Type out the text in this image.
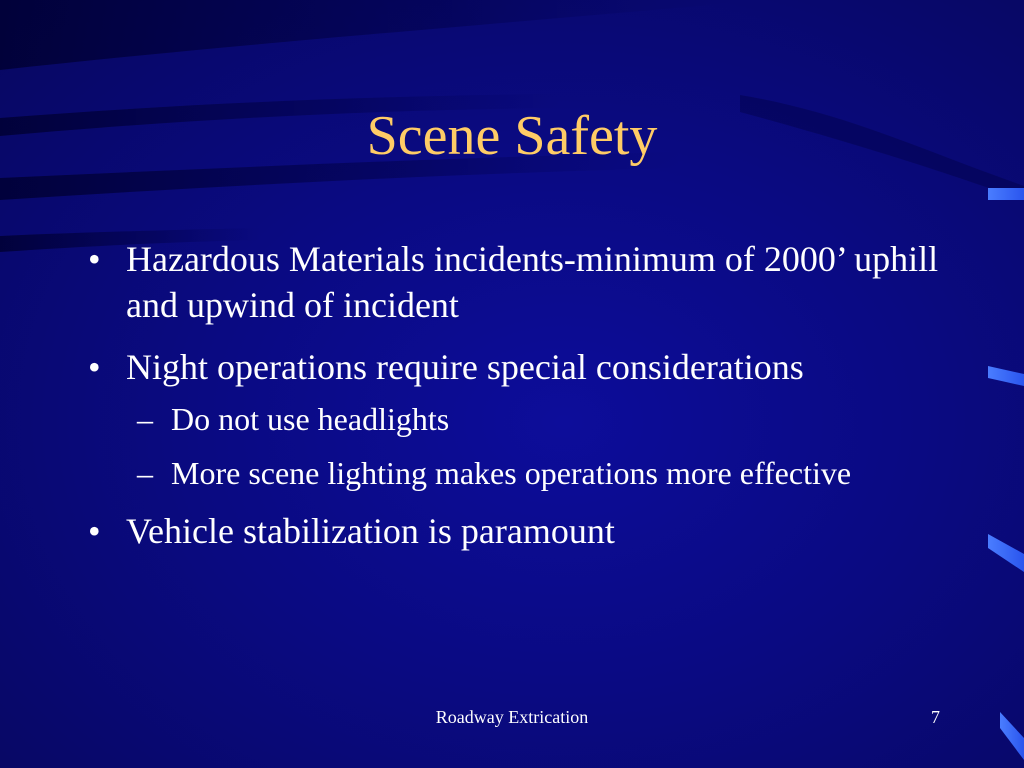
Scene Safety
• Hazardous Materials incidents-minimum of 2000’ uphill and upwind of incident
• Night operations require special considerations
– Do not use headlights
– More scene lighting makes operations more effective
• Vehicle stabilization is paramount
Roadway Extrication	7
